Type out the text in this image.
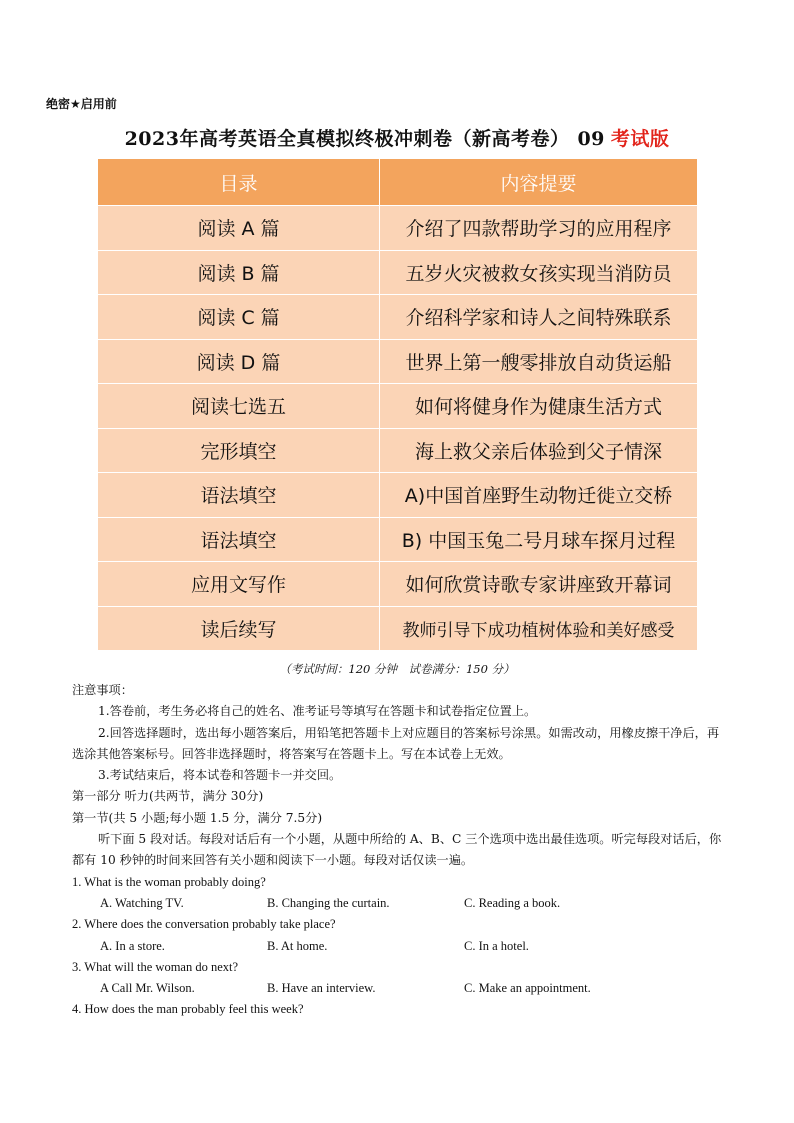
绝密★启用前
2023年高考英语全真模拟终极冲刺卷（新高考卷） 09 考试版
目录	内容提要
阅读 A 篇	介绍了四款帮助学习的应用程序
阅读 B 篇	五岁火灾被救女孩实现当消防员
阅读 C 篇	介绍科学家和诗人之间特殊联系
阅读 D 篇	世界上第一艘零排放自动货运船
阅读七选五	如何将健身作为健康生活方式
完形填空	海上救父亲后体验到父子情深
语法填空	A)中国首座野生动物迁徙立交桥
语法填空	B) 中国玉兔二号月球车探月过程
应用文写作	如何欣赏诗歌专家讲座致开幕词
读后续写	教师引导下成功植树体验和美好感受
（考试时间：120 分钟　试卷满分：150 分）

注意事项：

1.答卷前，考生务必将自己的姓名、准考证号等填写在答题卡和试卷指定位置上。

2.回答选择题时，选出每小题答案后，用铅笔把答题卡上对应题目的答案标号涂黑。如需改动，用橡皮擦干净后，再选涂其他答案标号。回答非选择题时，将答案写在答题卡上。写在本试卷上无效。

3.考试结束后，将本试卷和答题卡一并交回。

第一部分 听力(共两节，满分 30分)

第一节(共 5 小题;每小题 1.5 分，满分 7.5分)

听下面 5 段对话。每段对话后有一个小题，从题中所给的 A、B、C 三个选项中选出最佳选项。听完每段对话后，你都有 10 秒钟的时间来回答有关小题和阅读下一小题。每段对话仅读一遍。

1. What is the woman probably doing?

A. Watching TV.	B. Changing the curtain.	C. Reading a book.

2. Where does the conversation probably take place?

A. In a store.	B. At home.	C. In a hotel.

3. What will the woman do next?

A Call Mr. Wilson.	B. Have an interview.	C. Make an appointment.

4. How does the man probably feel this week?
